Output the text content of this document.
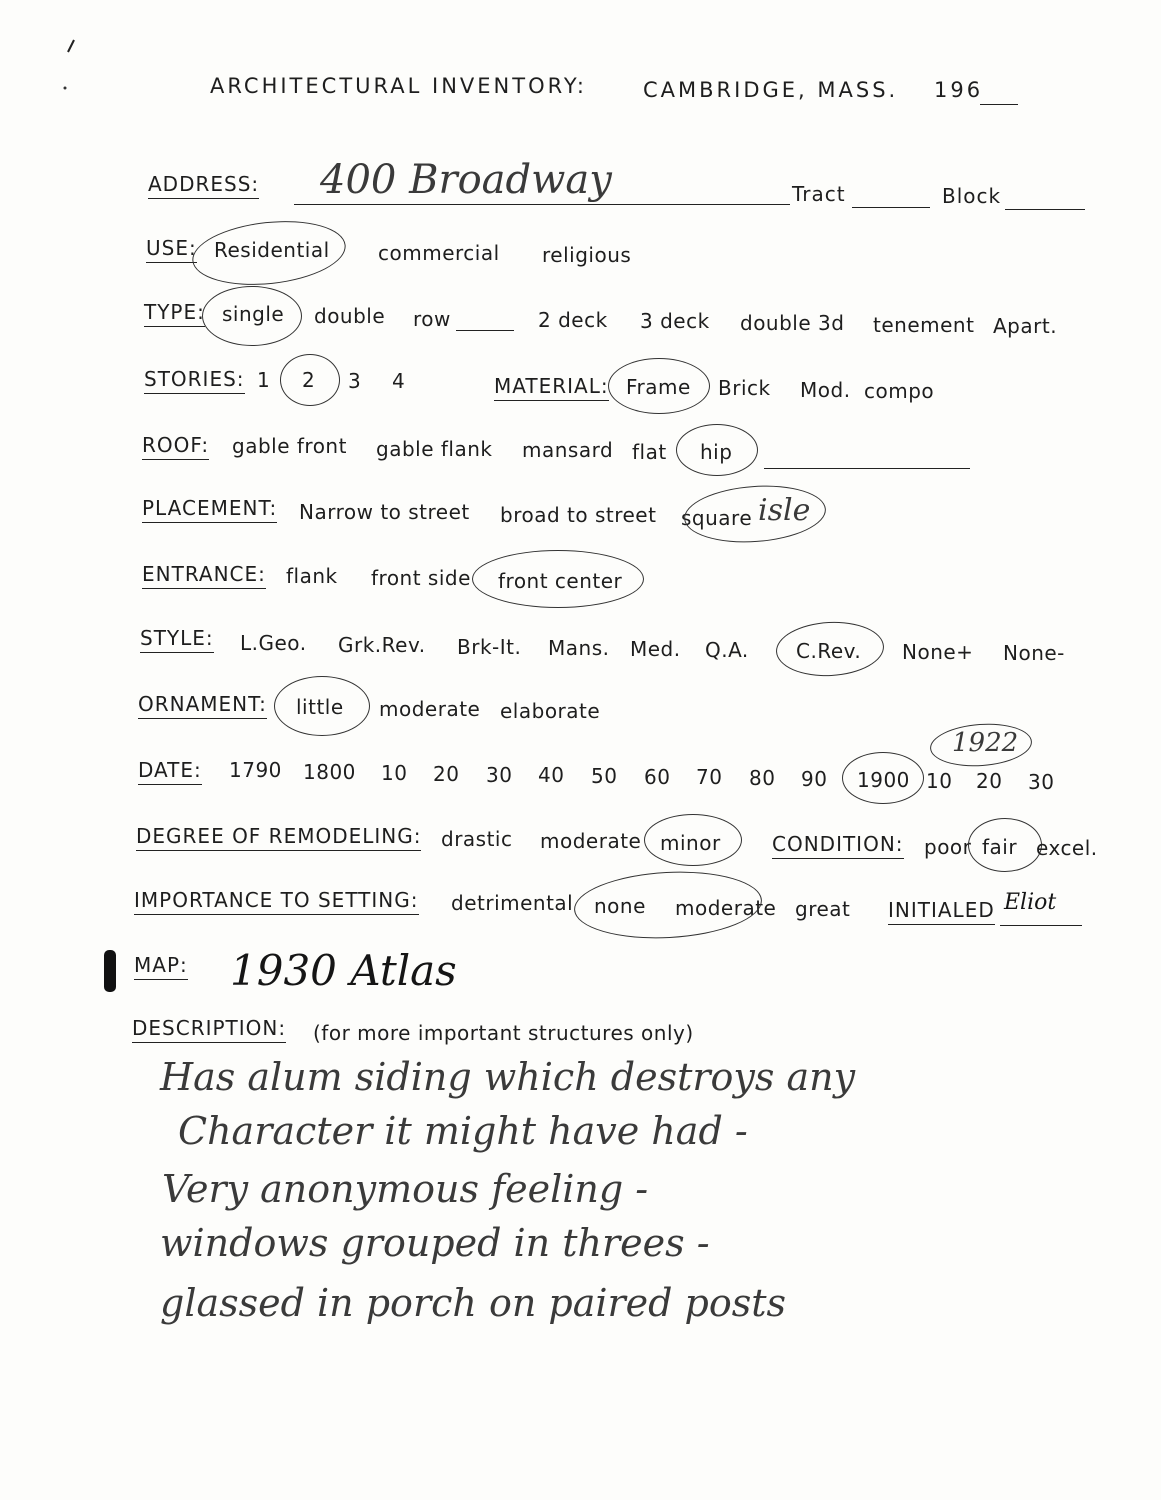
ARCHITECTURAL INVENTORY:	CAMBRIDGE, MASS. 196
ADDRESS: 400 Broadway	Tract	Block
USE: Residential commercial religious
TYPE: single double row	2 deck 3 deck double 3d tenement Apart.
STORIES: 1 2 3 4	MATERIAL: Frame Brick Mod. compo
ROOF: gable front gable flank mansard flat hip
PLACEMENT: Narrow to street broad to street square isle
ENTRANCE: flank front side front center
STYLE: L.Geo. Grk.Rev. Brk-It. Mans. Med. Q.A. C.Rev. None+ None-
ORNAMENT: little moderate elaborate
DATE: 1790 1800 10 20 30 40 50 60 70 80 90 1900 10 20 30
1922
DEGREE OF REMODELING: drastic moderate minor	CONDITION: poor fair excel.
IMPORTANCE TO SETTING: detrimental none moderate great INITIALED Eliot
MAP: 1930 Atlas
DESCRIPTION: (for more important structures only)
Has alum siding which destroys any
Character it might have had -
Very anonymous feeling -
windows grouped in threes -
glassed in porch on paired posts
